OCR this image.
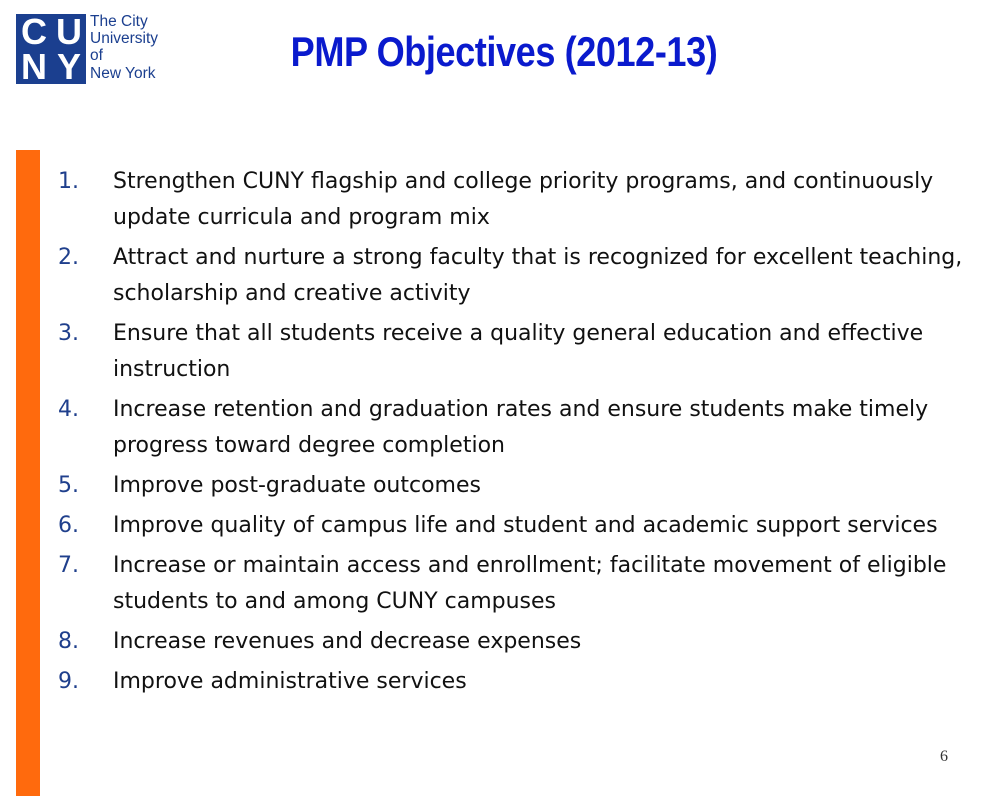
C U
N Y
The City
University
of
New York	PMP Objectives (2012-13)
1.	Strengthen CUNY flagship and college priority programs, and continuously update curricula and program mix
2.	Attract and nurture a strong faculty that is recognized for excellent teaching, scholarship and creative activity
3.	Ensure that all students receive a quality general education and effective instruction
4.	Increase retention and graduation rates and ensure students make timely progress toward degree completion
5.	Improve post-graduate outcomes
6.	Improve quality of campus life and student and academic support services
7.	Increase or maintain access and enrollment; facilitate movement of eligible students to and among CUNY campuses
8.	Increase revenues and decrease expenses
9.	Improve administrative services
6
